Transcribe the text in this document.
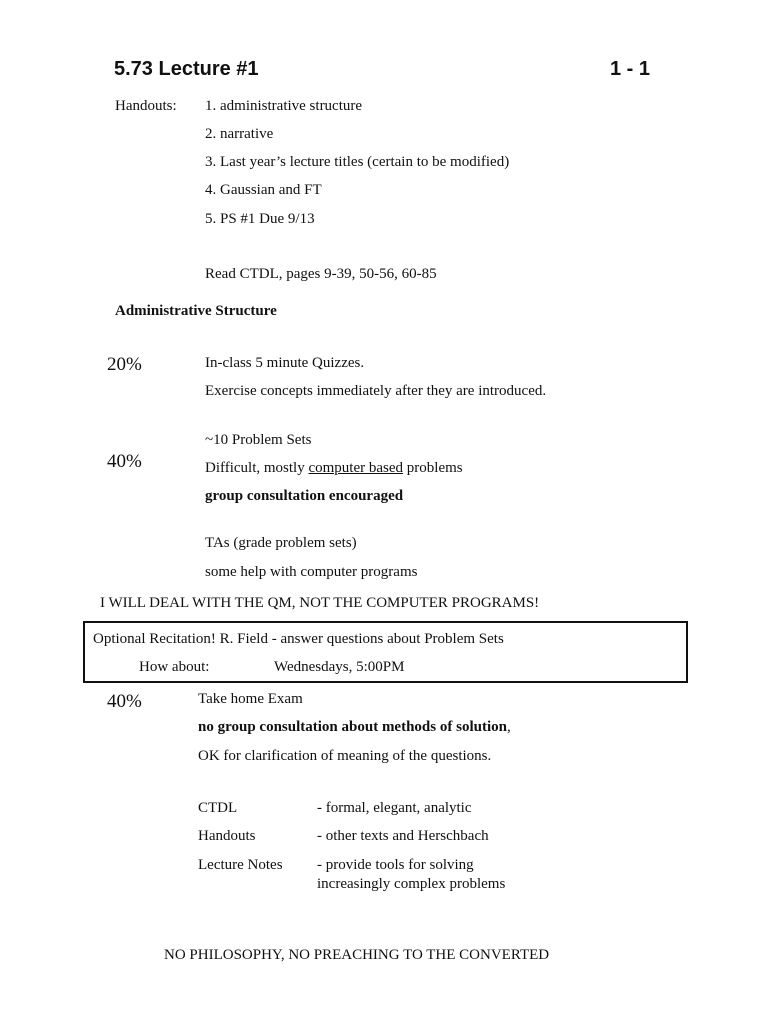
5.73 Lecture #1	1 - 1
Handouts: 1. administrative structure
2. narrative
3. Last year’s lecture titles (certain to be modified)
4. Gaussian and FT
5. PS #1 Due 9/13
Read CTDL, pages 9-39, 50-56, 60-85
Administrative Structure
20%	In-class 5 minute Quizzes.
Exercise concepts immediately after they are introduced.
~10 Problem Sets
40%	Difficult, mostly computer based problems
group consultation encouraged
TAs (grade problem sets)
some help with computer programs
I WILL DEAL WITH THE QM, NOT THE COMPUTER PROGRAMS!
Optional Recitation! R. Field - answer questions about Problem Sets
How about:	Wednesdays, 5:00PM
40%	Take home Exam
no group consultation about methods of solution,
OK for clarification of meaning of the questions.
CTDL	- formal, elegant, analytic
Handouts	- other texts and Herschbach
Lecture Notes - provide tools for solving
increasingly complex problems
NO PHILOSOPHY, NO PREACHING TO THE CONVERTED
